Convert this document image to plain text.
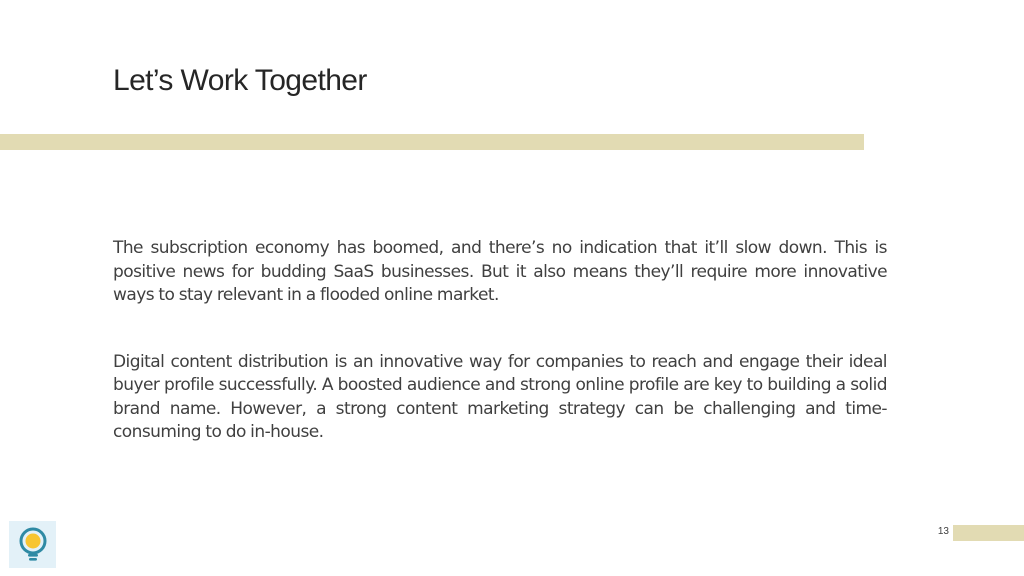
Let’s Work Together

The subscription economy has boomed, and there’s no indication that it’ll slow down. This is positive news for budding SaaS businesses. But it also means they’ll require more innovative ways to stay relevant in a flooded online market.

Digital content distribution is an innovative way for companies to reach and engage their ideal buyer profile successfully. A boosted audience and strong online profile are key to building a solid brand name. However, a strong content marketing strategy can be challenging and time-consuming to do in-house.

13
